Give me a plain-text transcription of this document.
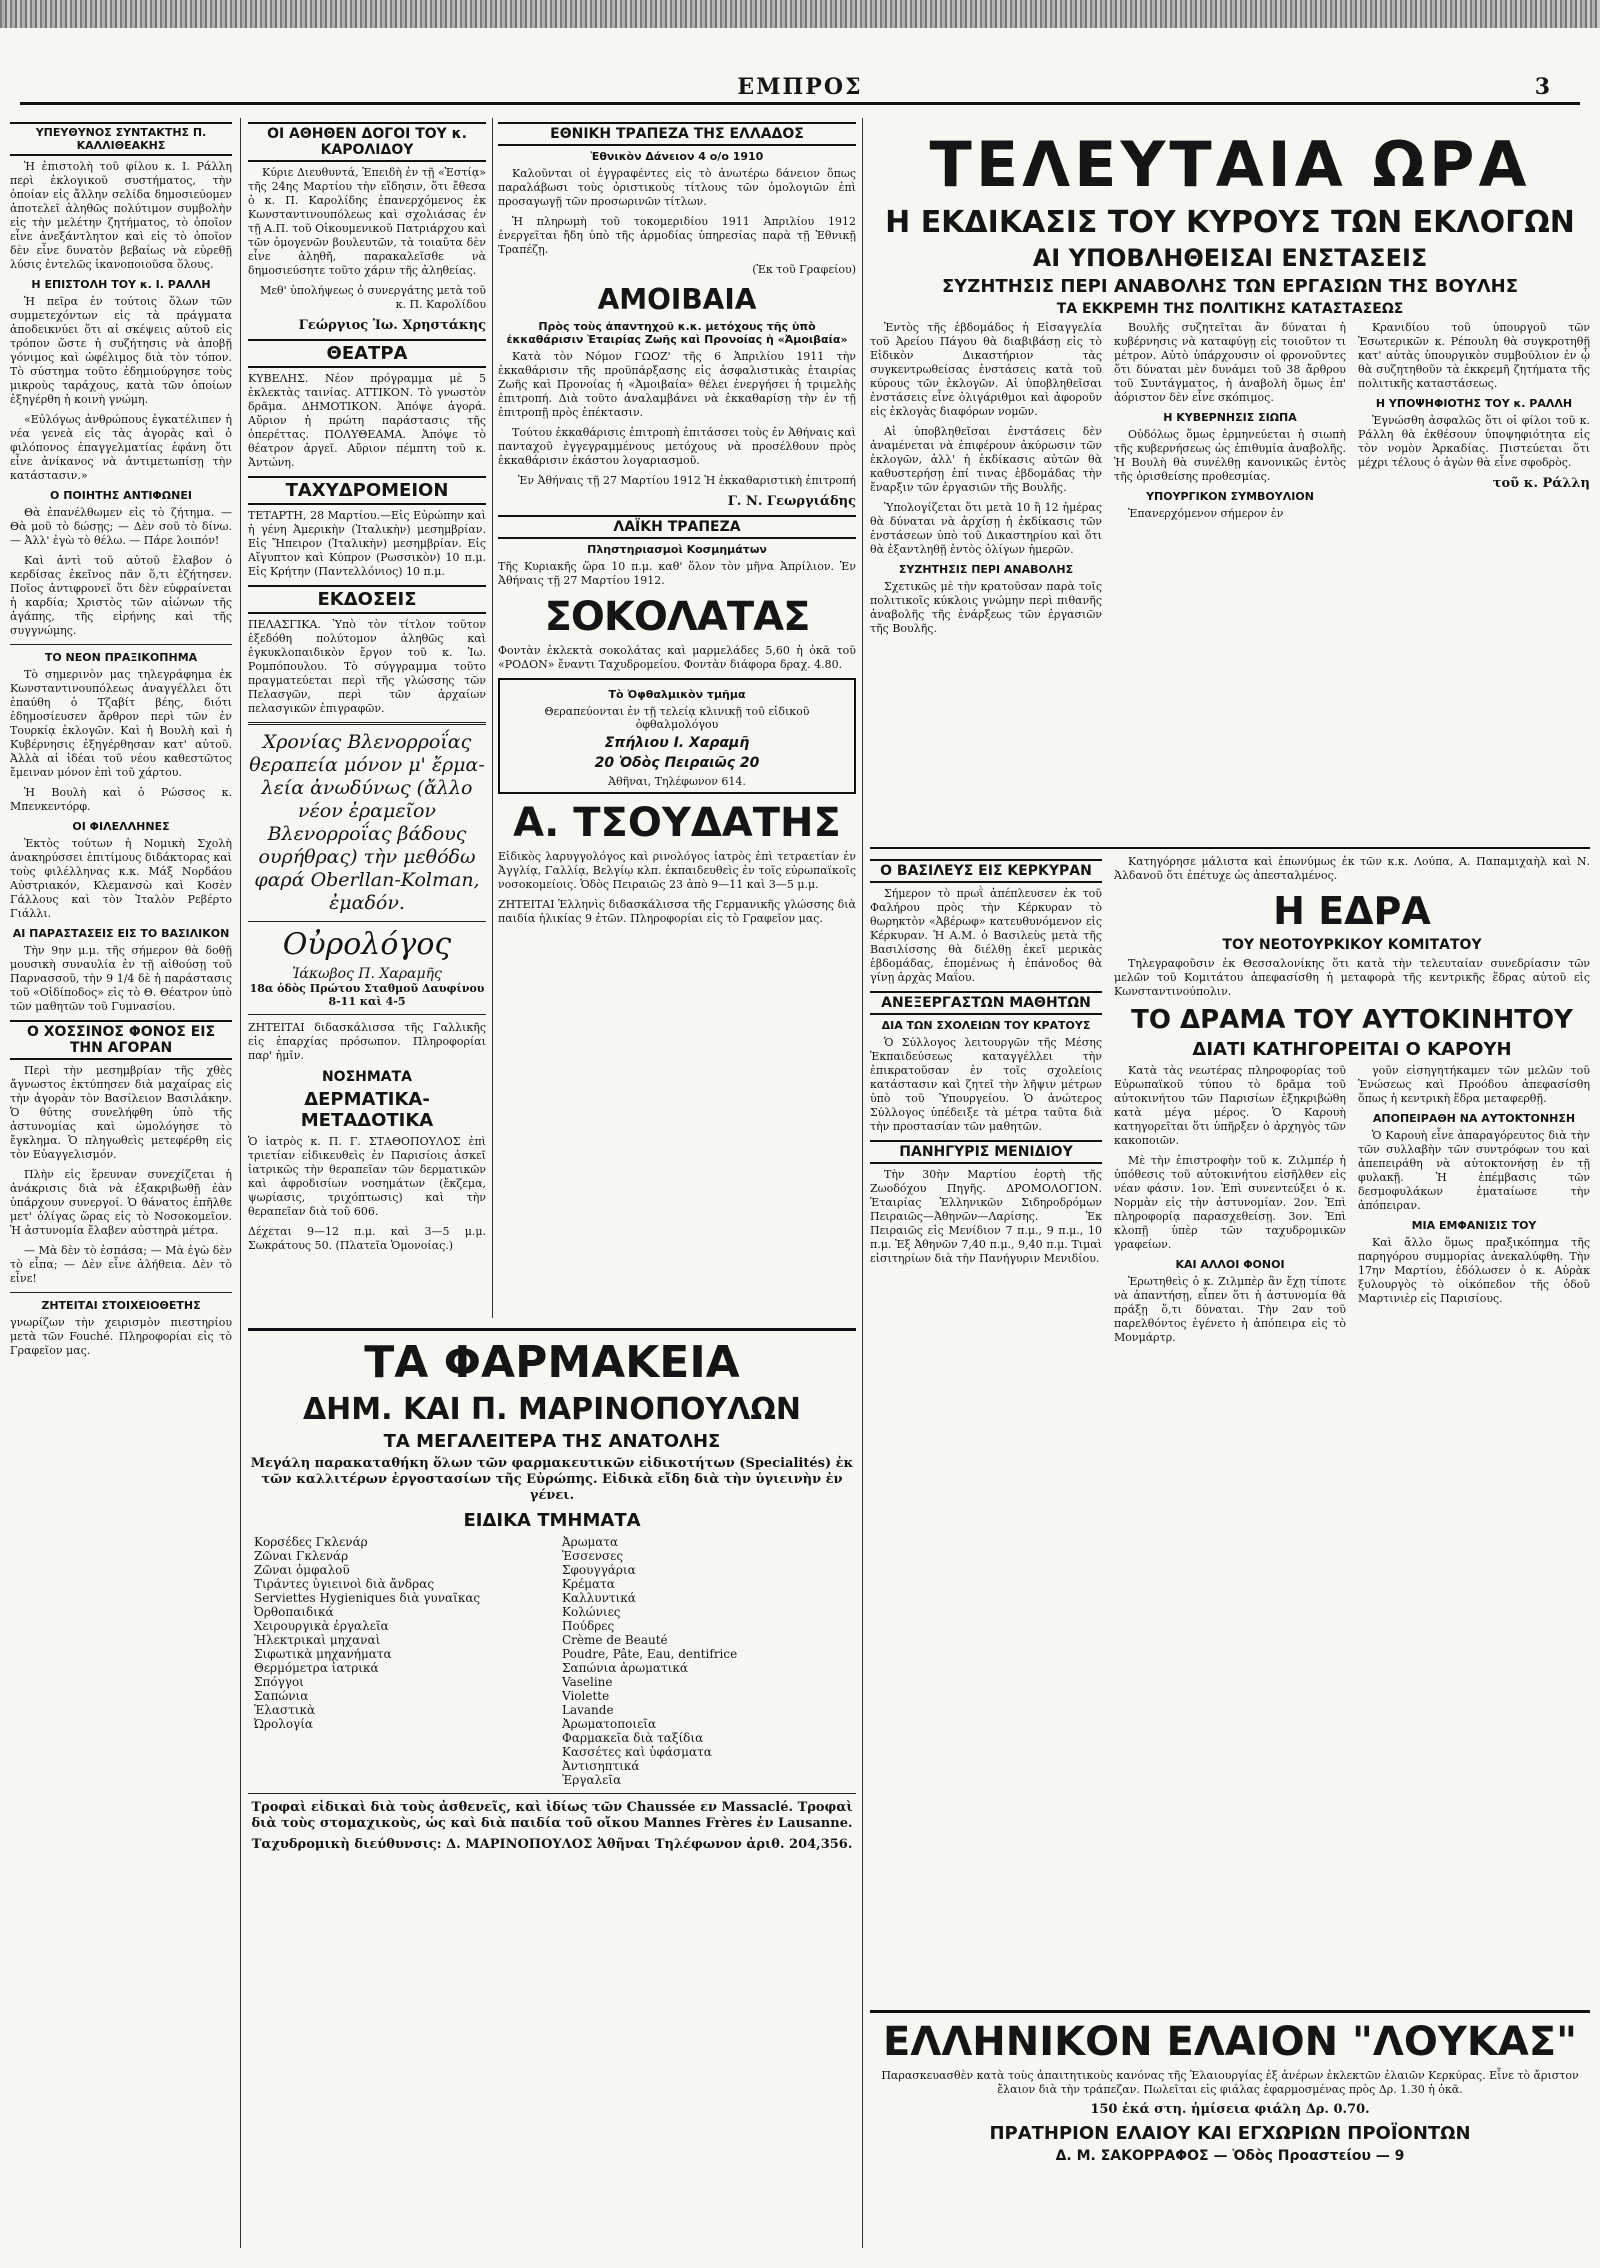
ΕΜΠΡΟΣ	3
ΥΠΕΥΘΥΝΟΣ ΣΥΝΤΑΚΤΗΣ Π. ΚΑΛΛΙΘΕΑΚΗΣ

Ἡ ἐπιστολὴ τοῦ φίλου κ. Ι. Ράλλη περὶ ἐκλογικοῦ συστήματος, τὴν ὁποίαν εἰς ἄλλην σελίδα δημοσιεύομεν ἀποτελεῖ ἀληθῶς πολύτιμον συμβολὴν εἰς τὴν μελέτην ζητήματος, τὸ ὁποῖον εἶνε ἀνεξάντλητον καὶ εἰς τὸ ὁποῖον δὲν εἶνε δυνατὸν βεβαίως νὰ εὑρεθῇ λύσις ἐντελῶς ἱκανοποιοῦσα ὅλους.

Η ΕΠΙΣΤΟΛΗ ΤΟΥ κ. Ι. ΡΑΛΛΗ

Ἡ πεῖρα ἐν τούτοις ὅλων τῶν συμμετεχόντων εἰς τὰ πράγματα ἀποδεικνύει ὅτι αἱ σκέψεις αὐτοῦ εἰς τρόπον ὥστε ἡ συζήτησις νὰ ἀποβῇ γόνιμος καὶ ὠφέλιμος διὰ τὸν τόπον. Τὸ σύστημα τοῦτο ἐδημιούργησε τοὺς μικροὺς ταράχους, κατὰ τῶν ὁποίων ἐξηγέρθη ἡ κοινὴ γνώμη.

«Εὐλόγως ἀνθρώπους ἐγκατέλιπεν ἡ νέα γενεὰ εἰς τὰς ἀγορὰς καὶ ὁ φιλόπονος ἐπαγγελματίας ἐφάνη ὅτι εἶνε ἀνίκανος νὰ ἀντιμετωπίσῃ τὴν κατάστασιν.»

Ο ΠΟΙΗΤΗΣ ΑΝΤΙΦΩΝΕΙ

Θὰ ἐπανέλθωμεν εἰς τὸ ζήτημα. — Θὰ μοῦ τὸ δώσῃς; — Δὲν σοῦ τὸ δίνω. — Ἀλλ' ἐγὼ τὸ θέλω. — Πάρε λοιπόν!

Καὶ ἀντὶ τοῦ αὐτοῦ ἔλαβον ὁ κερδίσας ἐκεῖνος πᾶν ὅ,τι ἐζήτησεν. Ποῖος ἀντιφρονεῖ ὅτι δὲν εὐφραίνεται ἡ καρδία; Χριστὸς τῶν αἰώνων τῆς ἀγάπης, τῆς εἰρήνης καὶ τῆς συγγνώμης.

ΤΟ ΝΕΟΝ ΠΡΑΞΙΚΟΠΗΜΑ

Τὸ σημερινὸν μας τηλεγράφημα ἐκ Κωνσταντινουπόλεως ἀναγγέλλει ὅτι ἐπαύθη ὁ Τζαβίτ βέης, διότι ἐδημοσίευσεν ἄρθρον περὶ τῶν ἐν Τουρκίᾳ ἐκλογῶν. Καὶ ἡ Βουλὴ καὶ ἡ Κυβέρνησις ἐξηγέρθησαν κατ' αὐτοῦ. Ἀλλὰ αἱ ἰδέαι τοῦ νέου καθεστῶτος ἔμειναν μόνον ἐπὶ τοῦ χάρτου.

Ἡ Βουλὴ καὶ ὁ Ρώσσος κ. Μπενκεντόρφ.

ΟΙ ΦΙΛΕΛΛΗΝΕΣ

Ἐκτὸς τούτων ἡ Νομικὴ Σχολὴ ἀνακηρύσσει ἐπιτίμους διδάκτορας καὶ τοὺς φιλέλληνας κ.κ. Μάξ Νορδάου Αὐστριακόν, Κλεμανσὼ καὶ Κοσὲν Γάλλους καὶ τὸν Ἰταλὸν Ρεβέρτο Γιάλλι.

ΑΙ ΠΑΡΑΣΤΑΣΕΙΣ ΕΙΣ ΤΟ ΒΑΣΙΛΙΚΟΝ

Τὴν 9ην μ.μ. τῆς σήμερον θὰ δοθῇ μουσικὴ συναυλία ἐν τῇ αἰθούσῃ τοῦ Παρνασσοῦ, τὴν 9 1/4 δὲ ἡ παράστασις τοῦ «Οἰδίποδος» εἰς τὸ Θ. Θέατρον ὑπὸ τῶν μαθητῶν τοῦ Γυμνασίου.

Ο ΧΟΣΣΙΝΟΣ ΦΟΝΟΣ ΕΙΣ ΤΗΝ ΑΓΟΡΑΝ

Περὶ τὴν μεσημβρίαν τῆς χθὲς ἄγνωστος ἐκτύπησεν διὰ μαχαίρας εἰς τὴν ἀγορὰν τὸν Βασίλειον Βασιλάκην. Ὁ θύτης συνελήφθη ὑπὸ τῆς ἀστυνομίας καὶ ὡμολόγησε τὸ ἔγκλημα. Ὁ πληγωθεὶς μετεφέρθη εἰς τὸν Εὐαγγελισμόν.

Πλὴν εἰς ἔρευναν συνεχίζεται ἡ ἀνάκρισις διὰ νὰ ἐξακριβωθῇ ἐὰν ὑπάρχουν συνεργοί. Ὁ θάνατος ἐπῆλθε μετ' ὀλίγας ὥρας εἰς τὸ Νοσοκομεῖον. Ἡ ἀστυνομία ἔλαβεν αὐστηρὰ μέτρα.

— Μὰ δὲν τὸ ἐσπάσα; — Μὰ ἐγὼ δὲν τὸ εἶπα; — Δὲν εἶνε ἀλήθεια. Δὲν τὸ εἶνε!

ΖΗΤΕΙΤΑΙ ΣΤΟΙΧΕΙΟΘΕΤΗΣ

γνωρίζων τὴν χειρισμὸν πιεστηρίου μετὰ τῶν Fouché. Πληροφορίαι εἰς τὸ Γραφεῖον μας.

ΟΙ ΑΘΗΘΕΝ ΔΟΓΟΙ ΤΟΥ κ. ΚΑΡΟΛΙΔΟΥ

Κύριε Διευθυντά, Ἐπειδὴ ἐν τῇ «Ἑστίᾳ» τῆς 24ης Μαρτίου τὴν εἴδησιν, ὅτι ἔθεσα ὁ κ. Π. Καρολίδης ἐπανερχόμενος ἐκ Κωνσταντινουπόλεως καὶ σχολιάσας ἐν τῇ Α.Π. τοῦ Οἰκουμενικοῦ Πατριάρχου καὶ τῶν ὁμογενῶν βουλευτῶν, τὰ τοιαῦτα δὲν εἶνε ἀληθῆ, παρακαλεῖσθε νὰ δημοσιεύσητε τοῦτο χάριν τῆς ἀληθείας.

Μεθ' ὑπολήψεως ὁ συνεργάτης μετὰ τοῦ κ. Π. Καρολίδου

Γεώργιος Ἰω. Χρηστάκης
ΘΕΑΤΡΑ

ΚΥΒΕΛΗΣ. Νέον πρόγραμμα μὲ 5 ἐκλεκτὰς ταινίας. ΑΤΤΙΚΟΝ. Τὸ γνωστὸν δρᾶμα. ΔΗΜΟΤΙΚΟΝ. Ἀπόψε ἀγορά. Αὔριον ἡ πρώτη παράστασις τῆς ὀπερέττας. ΠΟΛΥΘΕΑΜΑ. Ἀπόψε τὸ θέατρον ἀργεῖ. Αὔριον πέμπτη τοῦ κ. Ἀντώνη.

ΤΑΧΥΔΡΟΜΕΙΟΝ

ΤΕΤΑΡΤΗ, 28 Μαρτίου.—Εἰς Εὐρώπην καὶ ἡ γένη Ἀμερικὴν (Ἰταλικὴν) μεσημβρίαν. Εἰς Ἤπειρον (Ἰταλικὴν) μεσημβρίαν. Εἰς Αἴγυπτον καὶ Κύπρον (Ρωσσικὸν) 10 π.μ. Εἰς Κρήτην (Παντελλόνιος) 10 π.μ.

ΕΚΔΟΣΕΙΣ

ΠΕΛΑΣΓΙΚΑ. Ὑπὸ τὸν τίτλον τοῦτον ἐξεδόθη πολύτομον ἀληθῶς καὶ ἐγκυκλοπαιδικὸν ἔργον τοῦ κ. Ἰω. Ρομπόπουλου. Τὸ σύγγραμμα τοῦτο πραγματεύεται περὶ τῆς γλώσσης τῶν Πελασγῶν, περὶ τῶν ἀρχαίων πελασγικῶν ἐπιγραφῶν.

Χρονίας Βλενορροΐας θεραπεία μόνον μ' ἔρμα-λεία ἀνωδύνως (ἄλλο νέον ἐραμεῖον Βλενορροΐας βάδους ουρήθρας) τὴν μεθόδω φαρά Oberllan-Kolman, ἐμαδόν.
Οὐρολόγος
Ἰάκωβος Π. Χαραμῆς
18α ὁδὸς Πρώτου Σταθμοῦ Δαυφίνου 8-11 καὶ 4-5

ΖΗΤΕΙΤΑΙ διδασκάλισσα τῆς Γαλλικῆς εἰς ἐπαρχίας πρόσωπον. Πληροφορίαι παρ' ἡμῖν.

ΝΟΣΗΜΑΤΑ
ΔΕΡΜΑΤΙΚΑ-ΜΕΤΑΔΟΤΙΚΑ

Ὁ ἰατρὸς κ. Π. Γ. ΣΤΑΘΟΠΟΥΛΟΣ ἐπὶ τριετίαν εἰδικευθεὶς ἐν Παρισίοις ἀσκεῖ ἰατρικῶς τὴν θεραπεῖαν τῶν δερματικῶν καὶ ἀφροδισίων νοσημάτων (ἔκζεμα, ψωρίασις, τριχόπτωσις) καὶ τὴν θεραπεῖαν διὰ τοῦ 606.

Δέχεται 9—12 π.μ. καὶ 3—5 μ.μ. Σωκράτους 50. (Πλατεῖα Ὁμονοίας.)

ΕΘΝΙΚΗ ΤΡΑΠΕΖΑ ΤΗΣ ΕΛΛΑΔΟΣ
Ἐθνικὸν Δάνειον 4 ο/ο 1910

Καλοῦνται οἱ ἐγγραφέντες εἰς τὸ ἀνωτέρω δάνειον ὅπως παραλάβωσι τοὺς ὁριστικοὺς τίτλους τῶν ὁμολογιῶν ἐπὶ προσαγωγῇ τῶν προσωρινῶν τίτλων.

Ἡ πληρωμὴ τοῦ τοκομεριδίου 1911 Ἀπριλίου 1912 ἐνεργεῖται ἤδη ὑπὸ τῆς ἀρμοδίας ὑπηρεσίας παρὰ τῇ Ἐθνικῇ Τραπέζῃ.

(Ἐκ τοῦ Γραφείου)

ΑΜΟΙΒΑΙΑ
Πρὸς τοὺς ἀπαντηχοῦ κ.κ. μετόχους τῆς ὑπὸ ἐκκαθάρισιν Ἑταιρίας Ζωῆς καὶ Προνοίας ἡ «Ἀμοιβαία»

Κατὰ τὸν Νόμον ΓΩΟΖ' τῆς 6 Ἀπριλίου 1911 τὴν ἐκκαθάρισιν τῆς προϋπάρξασης εἰς ἀσφαλιστικὰς ἑταιρίας Ζωῆς καὶ Προνοίας ἡ «Ἀμοιβαία» θέλει ἐνεργήσει ἡ τριμελὴς ἐπιτροπή. Διὰ τοῦτο ἀναλαμβάνει νὰ ἐκκαθαρίσῃ τὴν ἐν τῇ ἐπιτροπῇ πρὸς ἐπέκτασιν.

Τούτου ἐκκαθάρισις ἐπιτροπὴ ἐπιτάσσει τοὺς ἐν Ἀθήναις καὶ πανταχοῦ ἐγγεγραμμένους μετόχους νὰ προσέλθουν πρὸς ἐκκαθάρισιν ἑκάστου λογαριασμοῦ.

Ἐν Ἀθήναις τῇ 27 Μαρτίου 1912 Ἡ ἐκκαθαριστικὴ ἐπιτροπή

Γ. Ν. Γεωργιάδης
ΛΑΪΚΗ ΤΡΑΠΕΖΑ
Πληστηριασμοὶ Κοσμημάτων

Τῆς Κυριακῆς ὥρα 10 π.μ. καθ' ὅλον τὸν μῆνα Ἀπρίλιον. Ἐν Ἀθήναις τῇ 27 Μαρτίου 1912.

ΣΟΚΟΛΑΤΑΣ

Φοντὰν ἐκλεκτὰ σοκολάτας καὶ μαρμελάδες 5,60 ἡ ὀκᾶ τοῦ «ΡΟΔΟΝ» ἔναντι Ταχυδρομείου. Φοντὰν διάφορα δραχ. 4.80.

Τὸ Ὀφθαλμικὸν τμῆμα
Θεραπεύονται ἐν τῇ τελείᾳ κλινικῇ τοῦ εἰδικοῦ ὀφθαλμολόγου
Σπήλιου Ι. Χαραμῆ
20 Ὁδὸς Πειραιῶς 20
Ἀθῆναι, Τηλέφωνον 614.
Α. ΤΣΟΥΔΑΤΗΣ

Εἰδικὸς λαρυγγολόγος καὶ ρινολόγος ἰατρὸς ἐπὶ τετραετίαν ἐν Ἀγγλίᾳ, Γαλλίᾳ, Βελγίῳ κλπ. ἐκπαιδευθεὶς ἐν τοῖς εὐρωπαϊκοῖς νοσοκομείοις. Ὁδὸς Πειραιῶς 23 ἀπὸ 9—11 καὶ 3—5 μ.μ.

ΖΗΤΕΙΤΑΙ Ἑλληνὶς διδασκάλισσα τῆς Γερμανικῆς γλώσσης διὰ παιδία ἡλικίας 9 ἐτῶν. Πληροφορίαι εἰς τὸ Γραφεῖον μας.

ΤΑ ΦΑΡΜΑΚΕΙΑ
ΔΗΜ. ΚΑΙ Π. ΜΑΡΙΝΟΠΟΥΛΩΝ
ΤΑ ΜΕΓΑΛΕΙΤΕΡΑ ΤΗΣ ΑΝΑΤΟΛΗΣ

Μεγάλη παρακαταθήκη ὅλων τῶν φαρμακευτικῶν εἰδικοτήτων (Specialités) ἐκ τῶν καλλιτέρων ἐργοστασίων τῆς Εὐρώπης. Εἰδικὰ εἴδη διὰ τὴν ὑγιεινὴν ἐν γένει.

ΕΙΔΙΚΑ ΤΜΗΜΑΤΑ
Κορσέδες Γκλενάρ
Ζῶναι Γκλενάρ
Ζῶναι ὀμφαλοῦ
Τιράντες ὑγιεινοὶ διὰ ἄνδρας
Serviettes Hygieniques διὰ γυναῖκας
Ὀρθοπαιδικά
Χειρουργικὰ ἐργαλεῖα
Ἠλεκτρικαὶ μηχαναὶ
Σιφωτικὰ μηχανήματα
Θερμόμετρα ἰατρικά
Σπόγγοι
Σαπώνια
Ἐλαστικὰ
Ὠρολογία
Ἀρωματα
Ἑσσενσες
Σφουγγάρια
Κρέματα
Καλλυντικά
Κολώνιες
Πούδρες
Crème de Beauté
Poudre, Pâte, Eau, dentifrice
Σαπώνια ἀρωματικά
Vaseline
Violette
Lavande
Ἀρωματοποιεῖα
Φαρμακεῖα διὰ ταξίδια
Κασσέτες καὶ ὑφάσματα
Ἀντισηπτικά
Ἐργαλεῖα

Τροφαὶ εἰδικαὶ διὰ τοὺς ἀσθενεῖς, καὶ ἰδίως τῶν Chaussée εν Massaclé. Τροφαὶ διὰ τοὺς στομαχικοὺς, ὡς καὶ διὰ παιδία τοῦ οἴκου Mannes Frères ἐν Lausanne.

Ταχυδρομικὴ διεύθυνσις: Δ. ΜΑΡΙΝΟΠΟΥΛΟΣ Ἀθῆναι Τηλέφωνον ἀριθ. 204,356.

ΤΕΛΕΥΤΑΙΑ ΩΡΑ
Η ΕΚΔΙΚΑΣΙΣ ΤΟΥ ΚΥΡΟΥΣ ΤΩΝ ΕΚΛΟΓΩΝ
ΑΙ ΥΠΟΒΛΗΘΕΙΣΑΙ ΕΝΣΤΑΣΕΙΣ
ΣΥΖΗΤΗΣΙΣ ΠΕΡΙ ΑΝΑΒΟΛΗΣ ΤΩΝ ΕΡΓΑΣΙΩΝ ΤΗΣ ΒΟΥΛΗΣ
ΤΑ ΕΚΚΡΕΜΗ ΤΗΣ ΠΟΛΙΤΙΚΗΣ ΚΑΤΑΣΤΑΣΕΩΣ

Ἐντὸς τῆς ἑβδομάδος ἡ Εἰσαγγελία τοῦ Ἀρείου Πάγου θὰ διαβιβάσῃ εἰς τὸ Εἰδικὸν Δικαστήριον τὰς συγκεντρωθείσας ἐνστάσεις κατὰ τοῦ κύρους τῶν ἐκλογῶν. Αἱ ὑποβληθεῖσαι ἐνστάσεις εἶνε ὀλιγάριθμοι καὶ ἀφοροῦν εἰς ἐκλογὰς διαφόρων νομῶν.

Αἱ ὑποβληθεῖσαι ἐνστάσεις δὲν ἀναμένεται νὰ ἐπιφέρουν ἀκύρωσιν τῶν ἐκλογῶν, ἀλλ' ἡ ἐκδίκασις αὐτῶν θὰ καθυστερήσῃ ἐπί τινας ἑβδομάδας τὴν ἔναρξιν τῶν ἐργασιῶν τῆς Βουλῆς.

Ὑπολογίζεται ὅτι μετὰ 10 ἢ 12 ἡμέρας θὰ δύναται νὰ ἀρχίσῃ ἡ ἐκδίκασις τῶν ἐνστάσεων ὑπὸ τοῦ Δικαστηρίου καὶ ὅτι θὰ ἐξαντληθῇ ἐντὸς ὀλίγων ἡμερῶν.

ΣΥΖΗΤΗΣΙΣ ΠΕΡΙ ΑΝΑΒΟΛΗΣ

Σχετικῶς μὲ τὴν κρατοῦσαν παρὰ τοῖς πολιτικοῖς κύκλοις γνώμην περὶ πιθανῆς ἀναβολῆς τῆς ἐνάρξεως τῶν ἐργασιῶν τῆς Βουλῆς.

Βουλῆς συζητεῖται ἂν δύναται ἡ κυβέρνησις νὰ καταφύγῃ εἰς τοιοῦτον τι μέτρον. Αὐτὸ ὑπάρχουσιν οἱ φρονοῦντες ὅτι δύναται μὲν δυνάμει τοῦ 38 ἄρθρου τοῦ Συντάγματος, ἡ ἀναβολὴ ὅμως ἐπ' ἀόριστον δὲν εἶνε σκόπιμος.

Η ΚΥΒΕΡΝΗΣΙΣ ΣΙΩΠΑ

Οὐδόλως ὅμως ἐρμηνεύεται ἡ σιωπὴ τῆς κυβερνήσεως ὡς ἐπιθυμία ἀναβολῆς. Ἡ Βουλὴ θὰ συνέλθῃ κανονικῶς ἐντὸς τῆς ὁρισθείσης προθεσμίας.

ΥΠΟΥΡΓΙΚΟΝ ΣΥΜΒΟΥΛΙΟΝ

Ἐπανερχόμενον σήμερον ἐν

Κρανιδίου τοῦ ὑπουργοῦ τῶν Ἐσωτερικῶν κ. Ρέπουλη θὰ συγκροτηθῇ κατ' αὐτὰς ὑπουργικὸν συμβούλιον ἐν ᾧ θὰ συζητηθοῦν τὰ ἐκκρεμῆ ζητήματα τῆς πολιτικῆς καταστάσεως.

Η ΥΠΟΨΗΦΙΟΤΗΣ ΤΟΥ κ. ΡΑΛΛΗ

Ἐγνώσθη ἀσφαλῶς ὅτι οἱ φίλοι τοῦ κ. Ράλλη θὰ ἐκθέσουν ὑποψηφιότητα εἰς τὸν νομὸν Ἀρκαδίας. Πιστεύεται ὅτι μέχρι τέλους ὁ ἀγὼν θὰ εἶνε σφοδρὸς.

τοῦ κ. Ράλλη
Ο ΒΑΣΙΛΕΥΣ ΕΙΣ ΚΕΡΚΥΡΑΝ

Σήμερον τὸ πρωῒ ἀπέπλευσεν ἐκ τοῦ Φαλήρου πρὸς τὴν Κέρκυραν τὸ θωρηκτὸν «Ἀβέρωφ» κατευθυνόμενον εἰς Κέρκυραν. Ἡ Α.Μ. ὁ Βασιλεὺς μετὰ τῆς Βασιλίσσης θὰ διέλθῃ ἐκεῖ μερικὰς ἑβδομάδας, ἑπομένως ἡ ἐπάνοδος θὰ γίνῃ ἀρχὰς Μαΐου.

ΑΝΕΞΕΡΓΑΣΤΩΝ ΜΑΘΗΤΩΝ
ΔΙΑ ΤΩΝ ΣΧΟΛΕΙΩΝ ΤΟΥ ΚΡΑΤΟΥΣ

Ὁ Σύλλογος λειτουργῶν τῆς Μέσης Ἐκπαιδεύσεως καταγγέλλει τὴν ἐπικρατοῦσαν ἐν τοῖς σχολείοις κατάστασιν καὶ ζητεῖ τὴν λῆψιν μέτρων ὑπὸ τοῦ Ὑπουργείου. Ὁ ἀνώτερος Σύλλογος ὑπέδειξε τὰ μέτρα ταῦτα διὰ τὴν προστασίαν τῶν μαθητῶν.

ΠΑΝΗΓΥΡΙΣ ΜΕΝΙΔΙΟΥ

Τὴν 30ὴν Μαρτίου ἑορτὴ τῆς Ζωοδόχου Πηγῆς. ΔΡΟΜΟΛΟΓΙΟΝ. Ἑταιρίας Ἑλληνικῶν Σιδηροδρόμων Πειραιῶς—Ἀθηνῶν—Λαρίσης. Ἐκ Πειραιῶς εἰς Μενίδιον 7 π.μ., 9 π.μ., 10 π.μ. Ἐξ Ἀθηνῶν 7,40 π.μ., 9,40 π.μ. Τιμαὶ εἰσιτηρίων διὰ τὴν Πανήγυριν Μενιδίου.

Κατηγόρησε μάλιστα καὶ ἐπωνύμως ἐκ τῶν κ.κ. Λούπα, Α. Παπαμιχαὴλ καὶ Ν. Ἀλδανοῦ ὅτι ἐπέτυχε ὡς ἀπεσταλμένος.

Η ΕΔΡΑ
ΤΟΥ ΝΕΟΤΟΥΡΚΙΚΟΥ ΚΟΜΙΤΑΤΟΥ

Τηλεγραφοῦσιν ἐκ Θεσσαλονίκης ὅτι κατὰ τὴν τελευταίαν συνεδρίασιν τῶν μελῶν τοῦ Κομιτάτου ἀπεφασίσθη ἡ μεταφορὰ τῆς κεντρικῆς ἕδρας αὐτοῦ εἰς Κωνσταντινούπολιν.

ΤΟ ΔΡΑΜΑ ΤΟΥ ΑΥΤΟΚΙΝΗΤΟΥ
ΔΙΑΤΙ ΚΑΤΗΓΟΡΕΙΤΑΙ Ο ΚΑΡΟΥΗ

Κατὰ τὰς νεωτέρας πληροφορίας τοῦ Εὐρωπαϊκοῦ τύπου τὸ δρᾶμα τοῦ αὐτοκινήτου τῶν Παρισίων ἐξηκριβώθη κατὰ μέγα μέρος. Ὁ Καρουὴ κατηγορεῖται ὅτι ὑπῆρξεν ὁ ἀρχηγὸς τῶν κακοποιῶν.

Μὲ τὴν ἐπιστροφὴν τοῦ κ. Ζιλμπέρ ἡ ὑπόθεσις τοῦ αὐτοκινήτου εἰσῆλθεν εἰς νέαν φάσιν. 1ον. Ἐπὶ συνεντεύξει ὁ κ. Νορμὰν εἰς τὴν ἀστυνομίαν. 2ον. Ἐπὶ πληροφορίᾳ παρασχεθείσῃ. 3ον. Ἐπὶ κλοπῇ ὑπὲρ τῶν ταχυδρομικῶν γραφείων.

ΚΑΙ ΑΛΛΟΙ ΦΟΝΟΙ

Ἐρωτηθεὶς ὁ κ. Ζιλμπὲρ ἂν ἔχῃ τίποτε νὰ ἀπαντήσῃ, εἶπεν ὅτι ἡ ἀστυνομία θὰ πράξῃ ὅ,τι δύναται. Τὴν 2αν τοῦ παρελθόντος ἐγένετο ἡ ἀπόπειρα εἰς τὸ Μονμάρτρ.

γοῦν εἰσηγητήκαμεν τῶν μελῶν τοῦ Ἐνώσεως καὶ Προόδου ἀπεφασίσθη ὅπως ἡ κεντρικὴ ἕδρα μεταφερθῇ.

ΑΠΟΠΕΙΡΑΘΗ ΝΑ ΑΥΤΟΚΤΟΝΗΣΗ

Ὁ Καρουὴ εἶνε ἀπαραγόρευτος διὰ τὴν τῶν συλλαβὴν τῶν συντρόφων του καὶ ἀπεπειράθη νὰ αὐτοκτονήσῃ ἐν τῇ φυλακῇ. Ἡ ἐπέμβασις τῶν δεσμοφυλάκων ἐματαίωσε τὴν ἀπόπειραν.

ΜΙΑ ΕΜΦΑΝΙΣΙΣ ΤΟΥ

Καὶ ἄλλο ὅμως πραξικόπημα τῆς παρηγόρου συμμορίας ἀνεκαλύφθη. Τὴν 17ην Μαρτίου, ἐδόλωσεν ὁ κ. Αὐρὰκ ξυλουργὸς τὸ οἰκόπεδον τῆς ὁδοῦ Μαρτινιὲρ εἰς Παρισίους.

ΕΛΛΗΝΙΚΟΝ ΕΛΑΙΟΝ "ΛΟΥΚΑΣ"

Παρασκευασθὲν κατὰ τοὺς ἀπαιτητικοὺς κανόνας τῆς Ἐλαιουργίας ἐξ ἀνέρων ἐκλεκτῶν ἐλαιῶν Κερκύρας. Εἶνε τὸ ἄριστον ἔλαιον διὰ τὴν τράπεζαν. Πωλεῖται εἰς φιάλας ἐφαρμοσμένας πρὸς Δρ. 1.30 ἡ ὀκᾶ.

150 ἐκά στη. ἡμίσεια φιάλη Δρ. 0.70.

ΠΡΑΤΗΡΙΟΝ ΕΛΑΙΟΥ ΚΑΙ ΕΓΧΩΡΙΩΝ ΠΡΟΪΟΝΤΩΝ
Δ. Μ. ΣΑΚΟΡΡΑΦΟΣ — Ὁδὸς Προαστείου — 9
